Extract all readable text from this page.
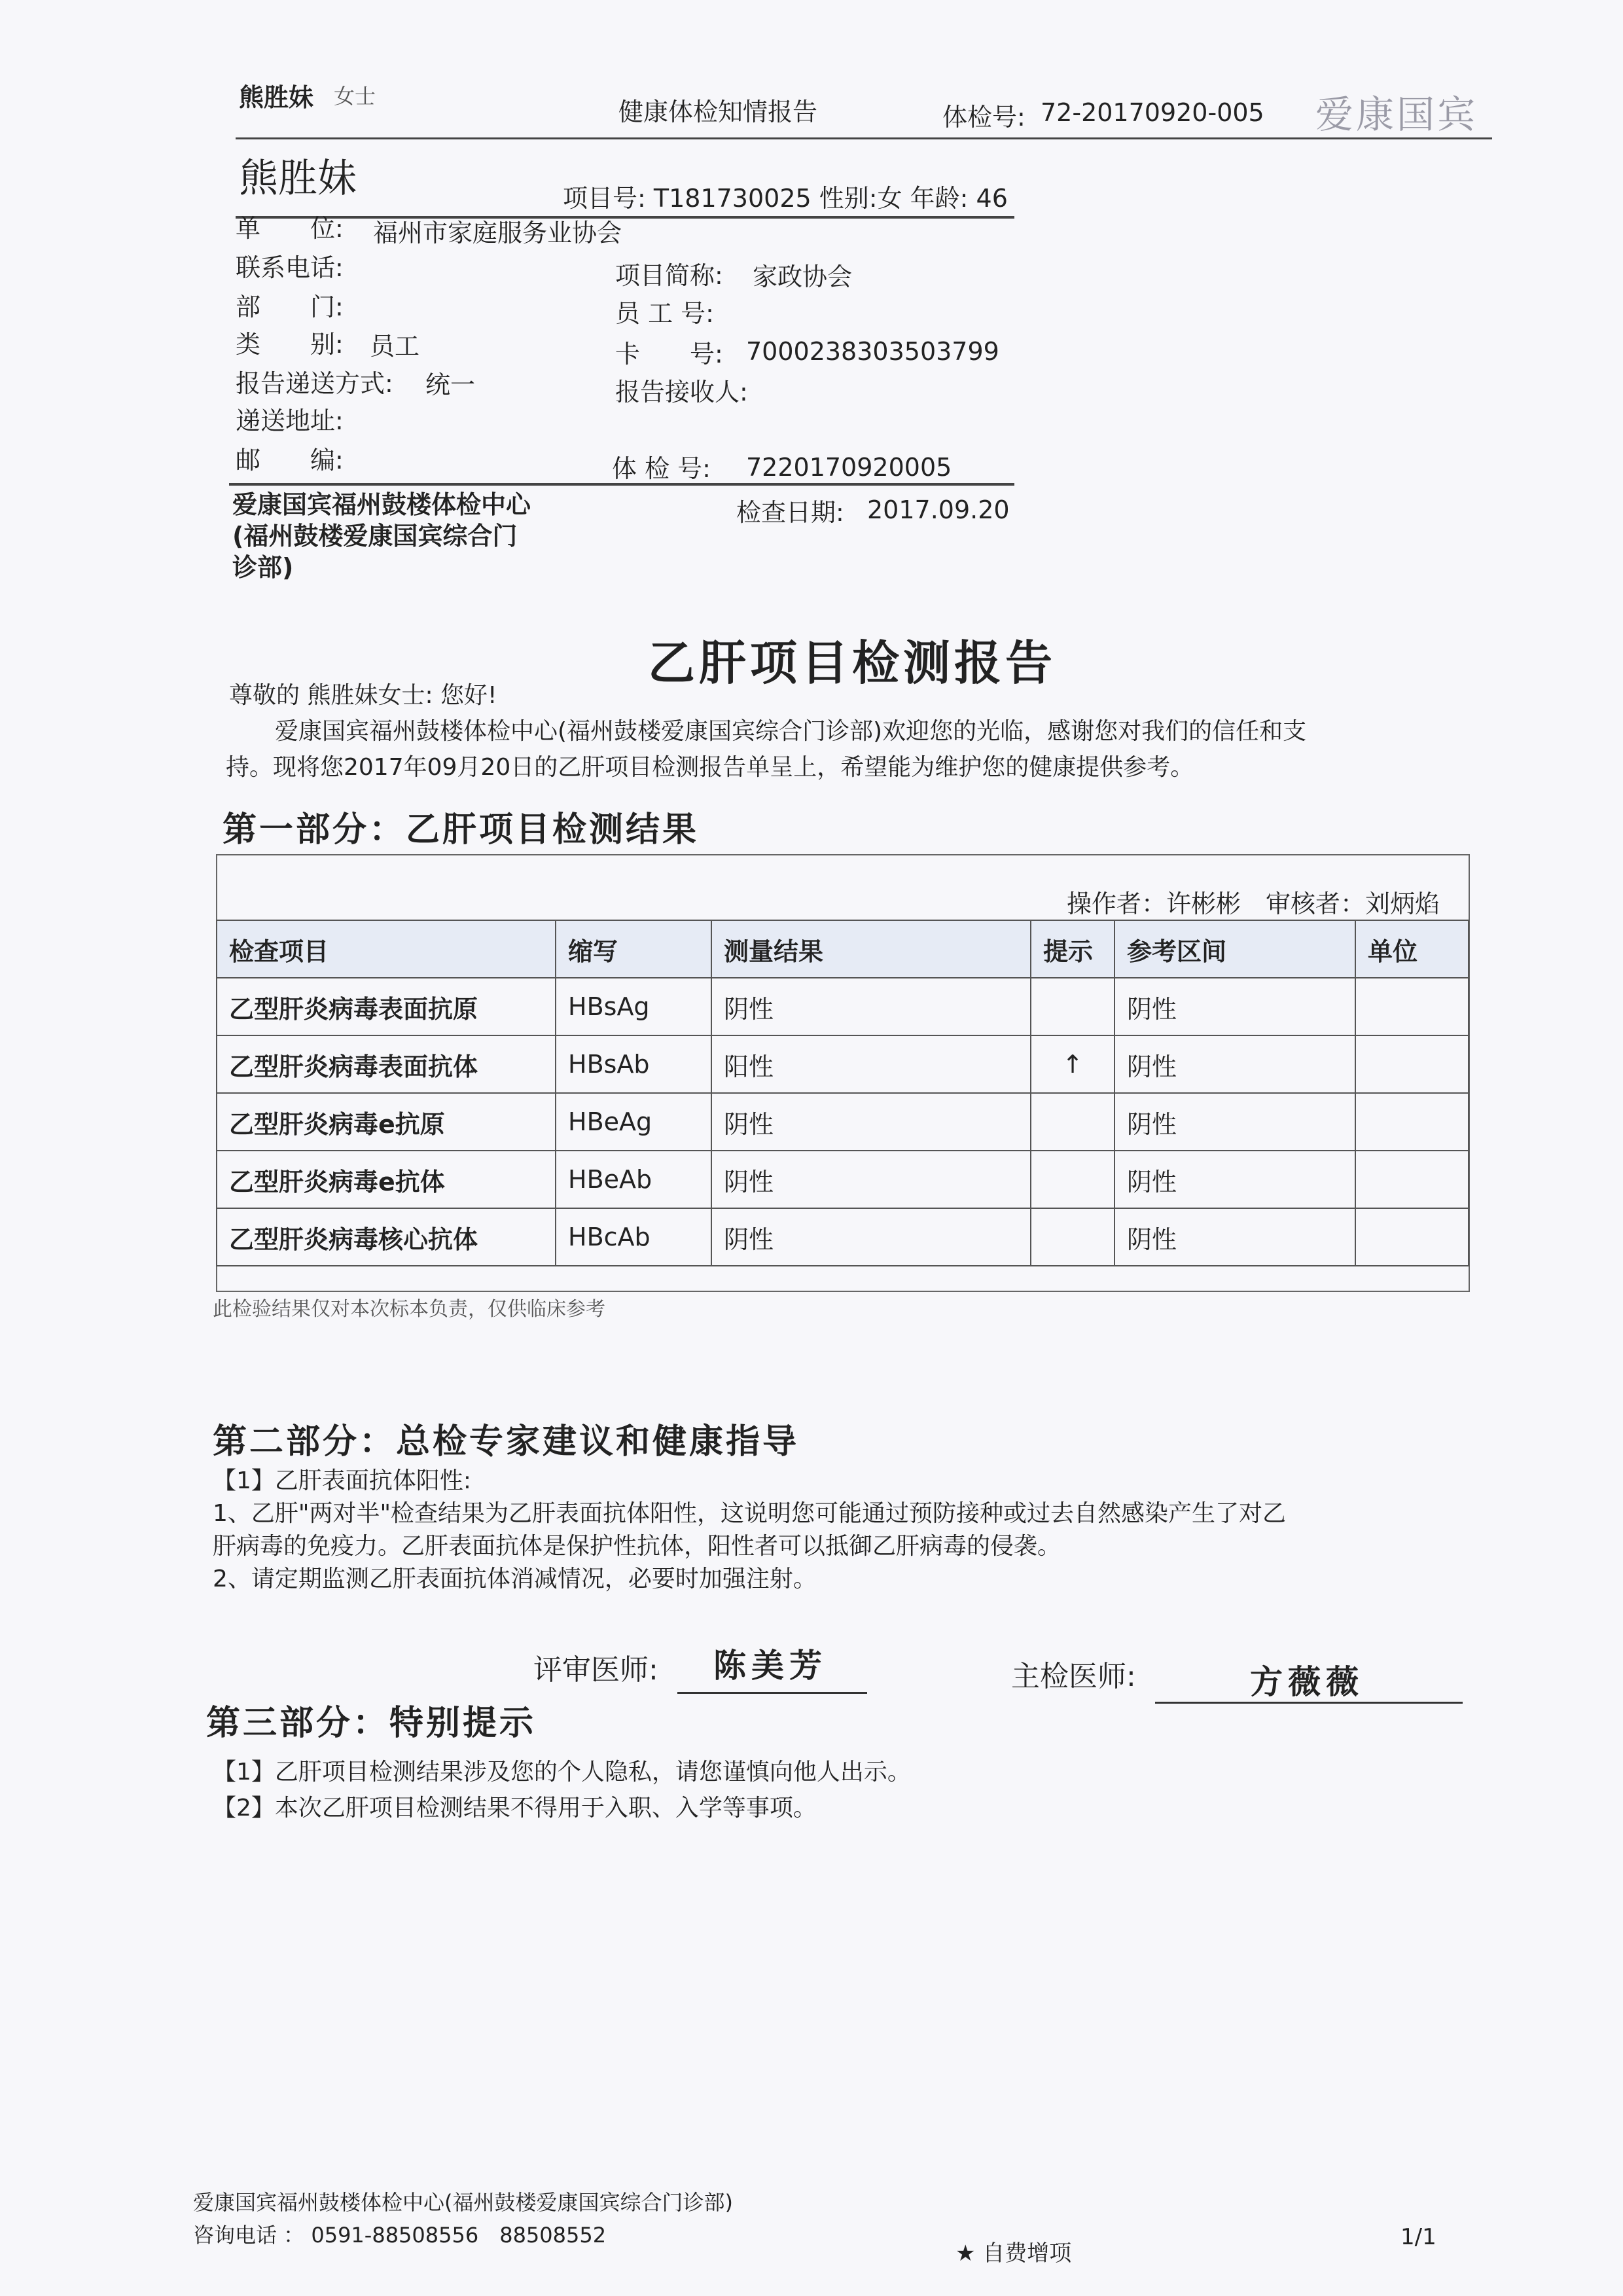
熊胜妹 女士
健康体检知情报告	体检号: 72-20170920-005 爱康国宾
熊胜妹	项目号: T181730025 性别:女 年龄: 46
单　　位: 福州市家庭服务业协会
联系电话:
部　　门:
类　　别: 员工
报告递送方式: 统一
递送地址:
邮　　编:
项目简称: 家政协会
员 工 号:
卡　　号: 7000238303503799
报告接收人:
体 检 号: 7220170920005
检查日期: 2017.09.20
爱康国宾福州鼓楼体检中心
(福州鼓楼爱康国宾综合门
诊部)
乙肝项目检测报告
尊敬的 熊胜妹女士: 您好!
爱康国宾福州鼓楼体检中心(福州鼓楼爱康国宾综合门诊部)欢迎您的光临，感谢您对我们的信任和支
持。现将您2017年09月20日的乙肝项目检测报告单呈上，希望能为维护您的健康提供参考。
第一部分：乙肝项目检测结果
操作者：许彬彬　审核者：刘炳焰
检查项目	缩写	测量结果	提示	参考区间	单位
乙型肝炎病毒表面抗原	HBsAg	阴性		阴性	
乙型肝炎病毒表面抗体	HBsAb	阳性	↑	阴性	
乙型肝炎病毒e抗原	HBeAg	阴性		阴性	
乙型肝炎病毒e抗体	HBeAb	阴性		阴性	
乙型肝炎病毒核心抗体	HBcAb	阴性		阴性	
此检验结果仅对本次标本负责，仅供临床参考
第二部分：总检专家建议和健康指导
【1】乙肝表面抗体阳性:
1、乙肝"两对半"检查结果为乙肝表面抗体阳性，这说明您可能通过预防接种或过去自然感染产生了对乙
肝病毒的免疫力。乙肝表面抗体是保护性抗体，阳性者可以抵御乙肝病毒的侵袭。
2、请定期监测乙肝表面抗体消减情况，必要时加强注射。
评审医师: 陈美芳	主检医师:	方薇薇
第三部分：特别提示
【1】乙肝项目检测结果涉及您的个人隐私，请您谨慎向他人出示。
【2】本次乙肝项目检测结果不得用于入职、入学等事项。
爱康国宾福州鼓楼体检中心(福州鼓楼爱康国宾综合门诊部)
咨询电话 ： 0591-88508556　88508552
★ 自费增项
1/1
